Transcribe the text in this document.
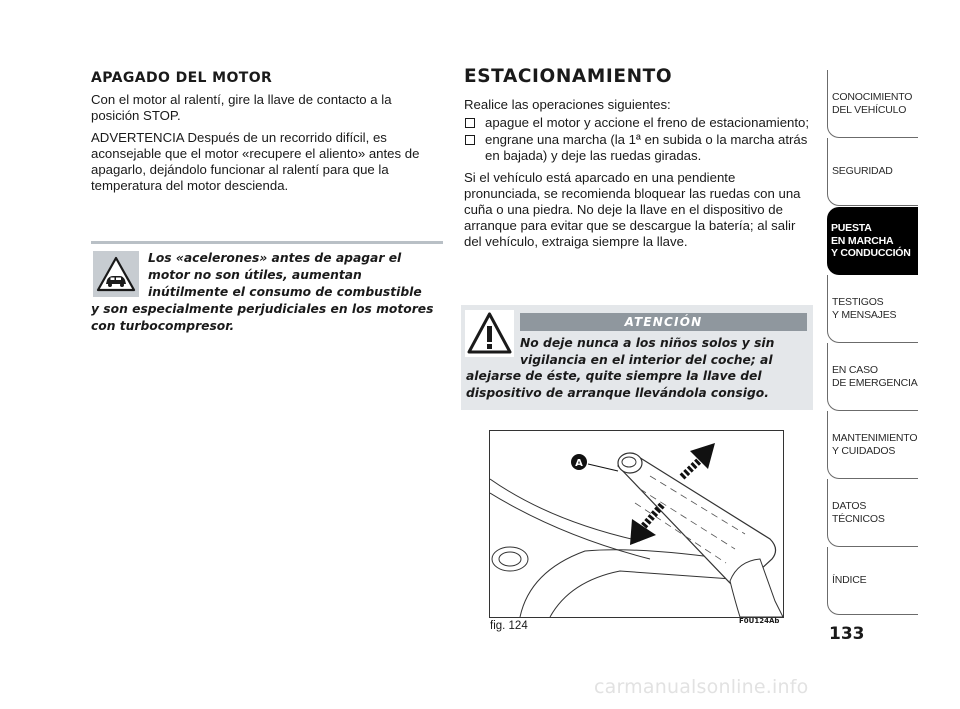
APAGADO DEL MOTOR

Con el motor al ralentí, gire la llave de contacto a la posición STOP.

ADVERTENCIA Después de un recorrido difícil, es aconsejable que el motor «recupere el aliento» antes de apagarlo, dejándolo funcionar al ralentí para que la temperatura del motor descienda.

Los «acelerones» antes de apagar el
motor no son útiles, aumentan
inútilmente el consumo de combustible
y son especialmente perjudiciales en los motores
con turbocompresor.
ESTACIONAMIENTO

Realice las operaciones siguientes:

apague el motor y accione el freno de estacionamiento;
engrane una marcha (la 1ª en subida o la marcha atrás en bajada) y deje las ruedas giradas.

Si el vehículo está aparcado en una pendiente pronunciada, se recomienda bloquear las ruedas con una cuña o una piedra. No deje la llave en el dispositivo de arranque para evitar que se descargue la batería; al salir del vehículo, extraiga siempre la llave.

ATENCIÓN
No deje nunca a los niños solos y sin
vigilancia en el interior del coche; al
alejarse de éste, quite siempre la llave del
dispositivo de arranque llevándola consigo.
A
fig. 124	F0U124Ab
CONOCIMIENTO
DEL VEHÍCULO
SEGURIDAD
PUESTA
EN MARCHA
Y CONDUCCIÓN
TESTIGOS
Y MENSAJES
EN CASO
DE EMERGENCIA
MANTENIMIENTO
Y CUIDADOS
DATOS TÉCNICOS
ÍNDICE
133
carmanualsonline.info
